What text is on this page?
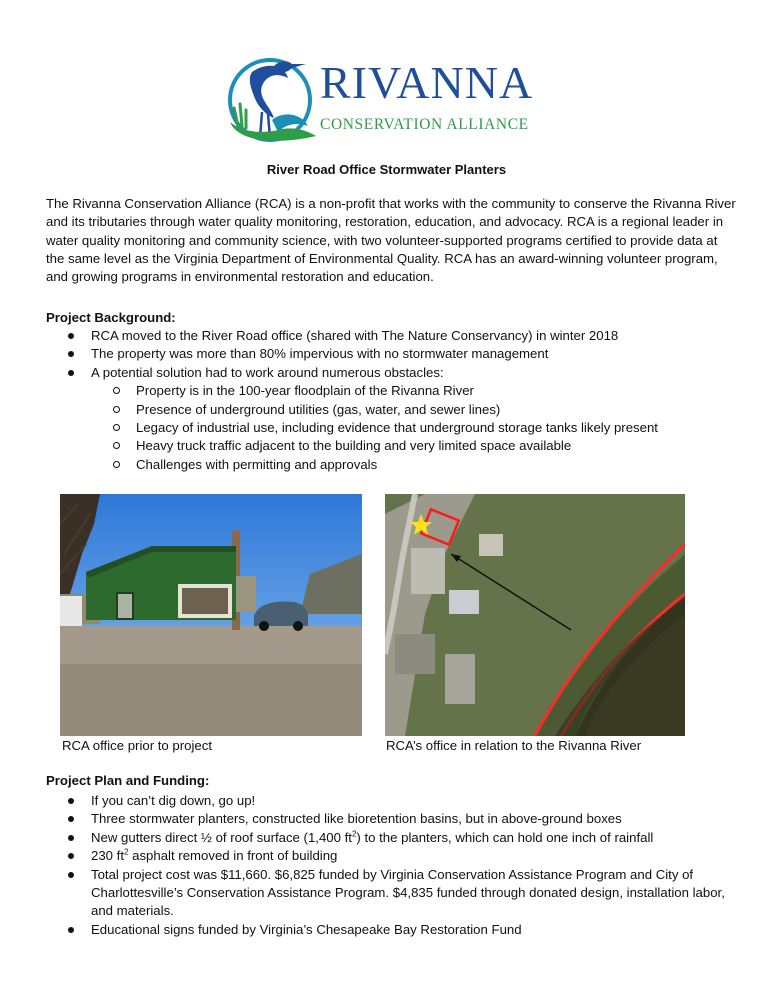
RIVANNA
CONSERVATION ALLIANCE
River Road Office Stormwater Planters
The Rivanna Conservation Alliance (RCA) is a non-profit that works with the community to conserve the Rivanna River and its tributaries through water quality monitoring, restoration, education, and advocacy. RCA is a regional leader in water quality monitoring and community science, with two volunteer-supported programs certified to provide data at the same level as the Virginia Department of Environmental Quality. RCA has an award-winning volunteer program, and growing programs in environmental restoration and education.
Project Background:
RCA moved to the River Road office (shared with The Nature Conservancy) in winter 2018
The property was more than 80% impervious with no stormwater management
A potential solution had to work around numerous obstacles:
Property is in the 100-year floodplain of the Rivanna River
Presence of underground utilities (gas, water, and sewer lines)
Legacy of industrial use, including evidence that underground storage tanks likely present
Heavy truck traffic adjacent to the building and very limited space available
Challenges with permitting and approvals
RCA office prior to project	RCA’s office in relation to the Rivanna River
Project Plan and Funding:
If you can’t dig down, go up!
Three stormwater planters, constructed like bioretention basins, but in above-ground boxes
New gutters direct ½ of roof surface (1,400 $ft^2$) to the planters, which can hold one inch of rainfall
230 $ft^2$ asphalt removed in front of building
Total project cost was $11,660. $6,825 funded by Virginia Conservation Assistance Program and City of Charlottesville’s Conservation Assistance Program. $4,835 funded through donated design, installation labor, and materials.
Educational signs funded by Virginia’s Chesapeake Bay Restoration Fund
